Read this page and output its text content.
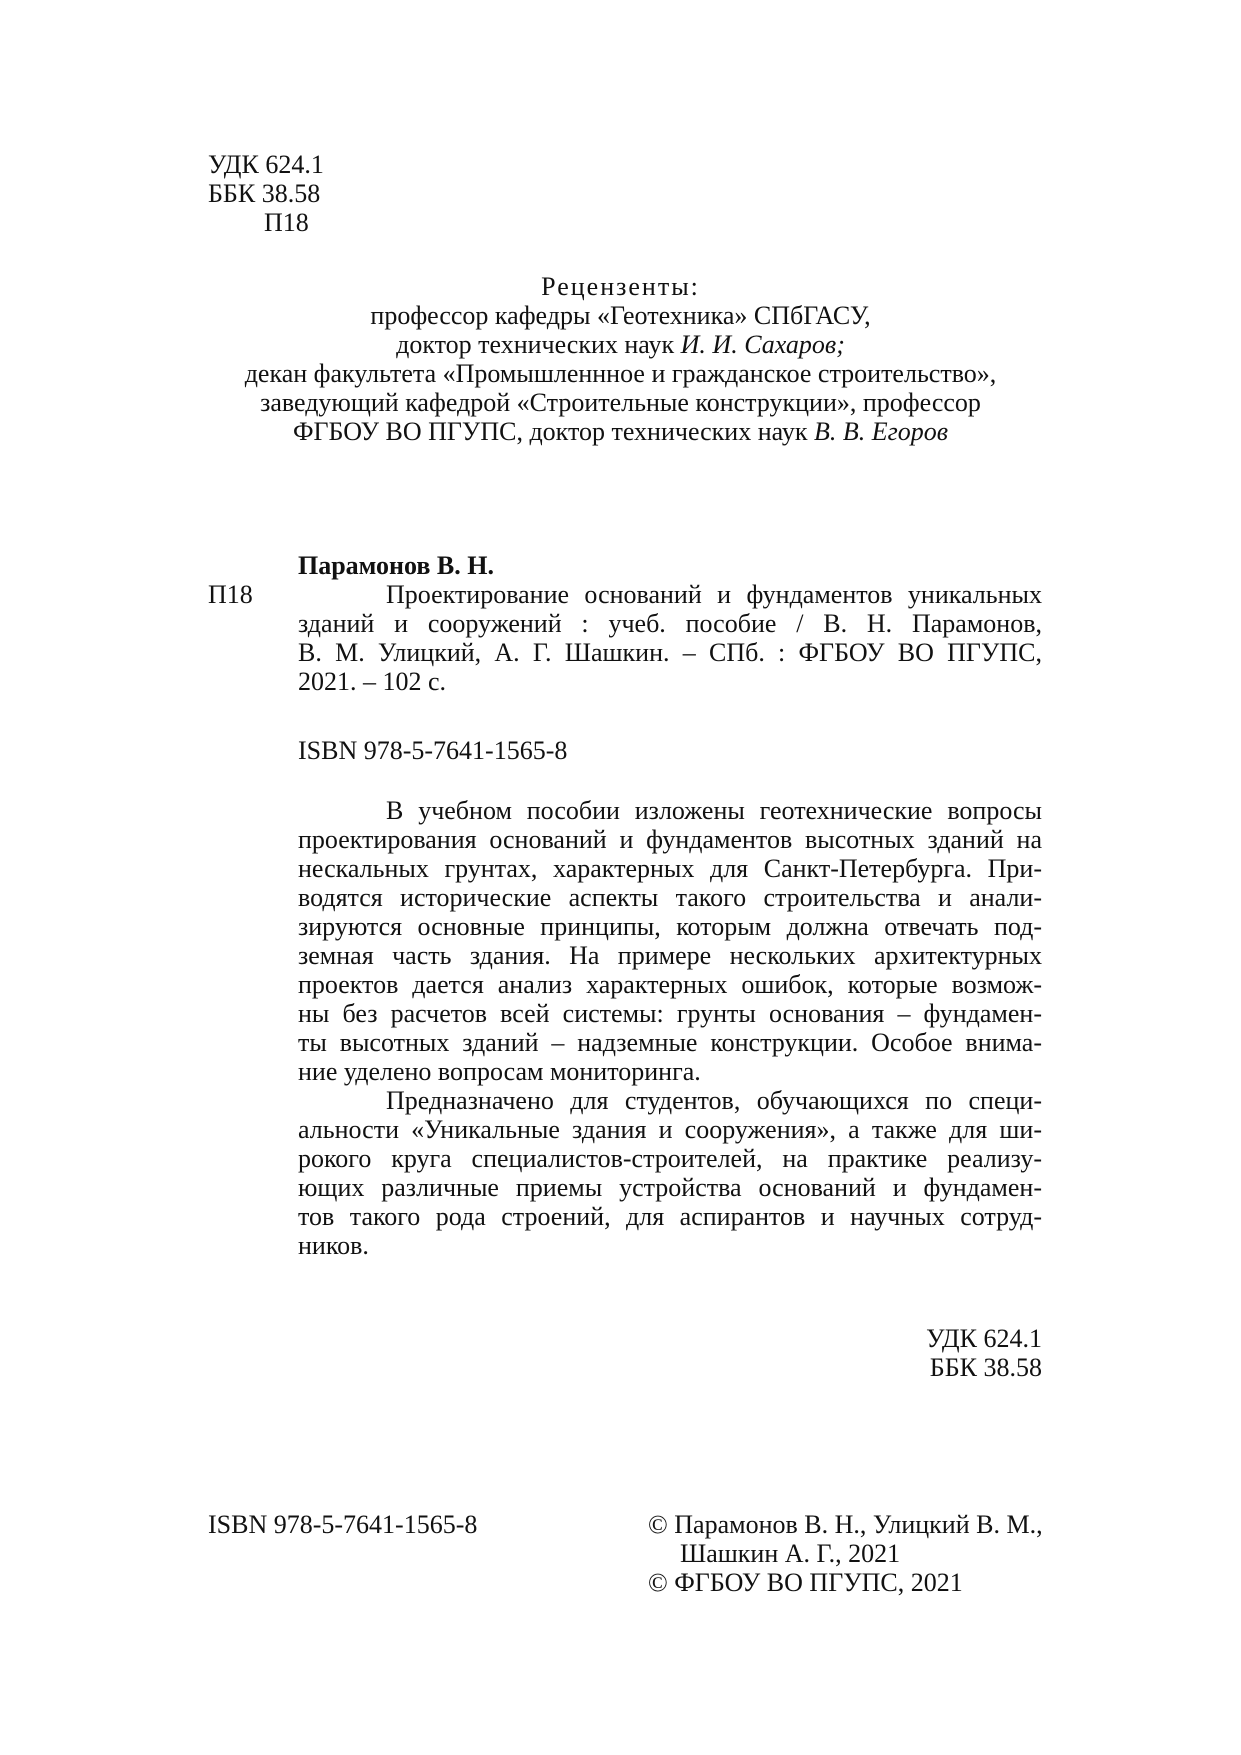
УДК 624.1
ББК 38.58
П18
Рецензенты:
профессор кафедры «Геотехника» СПбГАСУ,
доктор технических наук И. И. Сахаров;
декан факультета «Промышленнное и гражданское строительство»,
заведующий кафедрой «Строительные конструкции», профессор
ФГБОУ ВО ПГУПС, доктор технических наук В. В. Егоров
П18
Парамонов В. Н.
Проектирование оснований и фундаментов уникальных
зданий и сооружений : учеб. пособие / В. Н. Парамонов,
В. М. Улицкий, А. Г. Шашкин. – СПб. : ФГБОУ ВО ПГУПС,
2021. – 102 с.
ISBN 978-5-7641-1565-8
В учебном пособии изложены геотехнические вопросы
проектирования оснований и фундаментов высотных зданий на
нескальных грунтах, характерных для Санкт-Петербурга. При-
водятся исторические аспекты такого строительства и анали-
зируются основные принципы, которым должна отвечать под-
земная часть здания. На примере нескольких архитектурных
проектов дается анализ характерных ошибок, которые возмож-
ны без расчетов всей системы: грунты основания – фундамен-
ты высотных зданий – надземные конструкции. Особое внима-
ние уделено вопросам мониторинга.
Предназначено для студентов, обучающихся по специ-
альности «Уникальные здания и сооружения», а также для ши-
рокого круга специалистов-строителей, на практике реализу-
ющих различные приемы устройства оснований и фундамен-
тов такого рода строений, для аспирантов и научных сотруд-
ников.
УДК 624.1
ББК 38.58
ISBN 978-5-7641-1565-8	© Парамонов В. Н., Улицкий В. М.,
Шашкин А. Г., 2021
© ФГБОУ ВО ПГУПС, 2021
